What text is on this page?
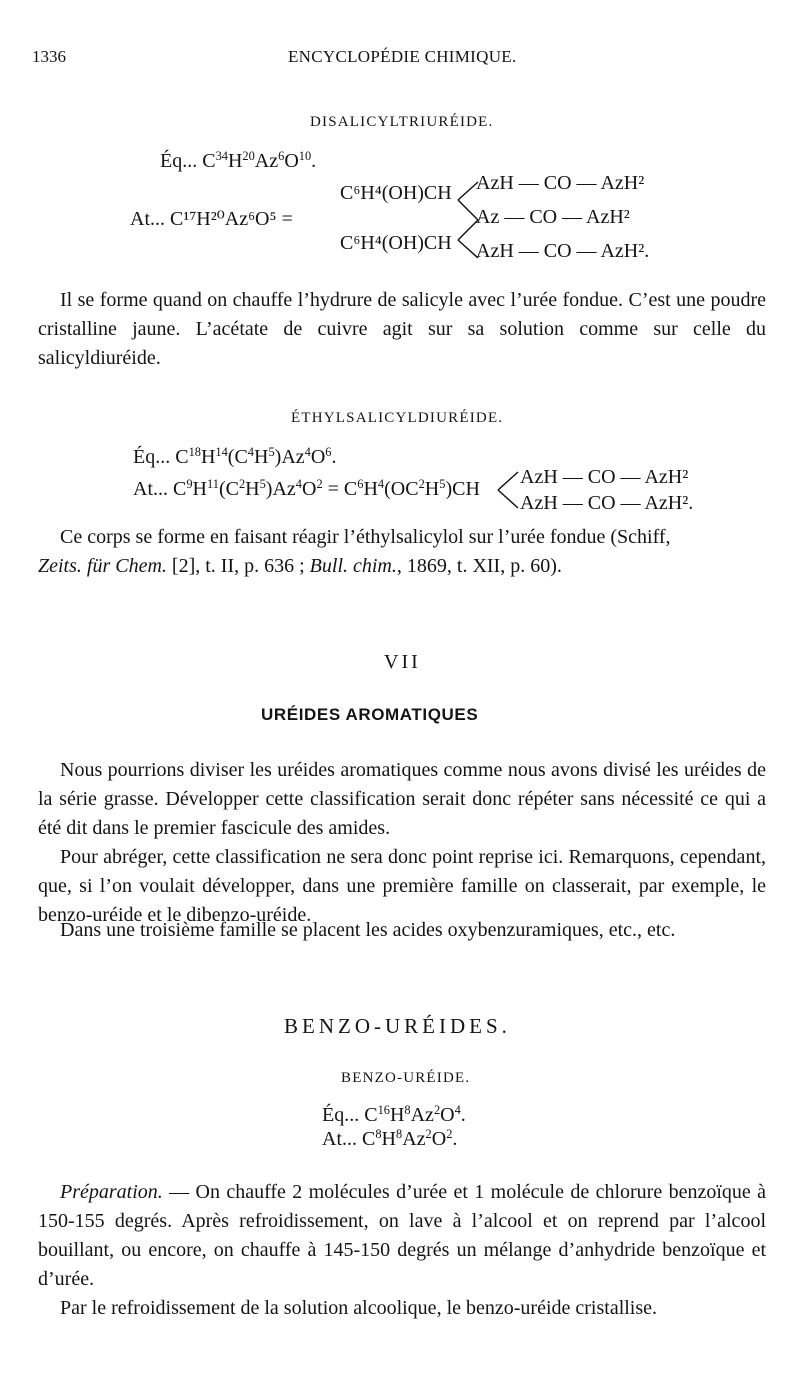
1336	ENCYCLOPÉDIE CHIMIQUE.
DISALICYLTRIURÉIDE.
Éq... $C^{34}H^{20}Az^6O^{10}$.
C⁶H⁴(OH)CH
C⁶H⁴(OH)CH
At... C¹⁷H²⁰Az⁶O⁵ =
AzH — CO — AzH²
Az — CO — AzH²
AzH — CO — AzH².
Il se forme quand on chauffe l’hydrure de salicyle avec l’urée fondue. C’est une poudre cristalline jaune. L’acétate de cuivre agit sur sa solution comme sur celle du salicyldiuréide.
ÉTHYLSALICYLDIURÉIDE.
Éq... $C^{18}H^{14}(C^4H^5)Az^4O^6$.
At... $C^9H^{11}(C^2H^5)Az^4O^2 = C^6H^4(OC^2H^5)CH$
AzH — CO — AzH²
AzH — CO — AzH².
Ce corps se forme en faisant réagir l’éthylsalicylol sur l’urée fondue (Schiff,
Zeits. für Chem. [2], t. II, p. 636 ; Bull. chim., 1869, t. XII, p. 60).
VII
URÉIDES AROMATIQUES
Nous pourrions diviser les uréides aromatiques comme nous avons divisé les uréides de la série grasse. Développer cette classification serait donc répéter sans nécessité ce qui a été dit dans le premier fascicule des amides.
Pour abréger, cette classification ne sera donc point reprise ici. Remarquons, cependant, que, si l’on voulait développer, dans une première famille on classerait, par exemple, le benzo-uréide et le dibenzo-uréide.
Dans une troisième famille se placent les acides oxybenzuramiques, etc., etc.
BENZO-URÉIDES.
BENZO-URÉIDE.
Éq... $C^{16}H^8Az^2O^4$.
At... $C^8H^8Az^2O^2$.
Préparation. — On chauffe 2 molécules d’urée et 1 molécule de chlorure benzoïque à 150-155 degrés. Après refroidissement, on lave à l’alcool et on reprend par l’alcool bouillant, ou encore, on chauffe à 145-150 degrés un mélange d’anhydride benzoïque et d’urée.
Par le refroidissement de la solution alcoolique, le benzo-uréide cristallise.
